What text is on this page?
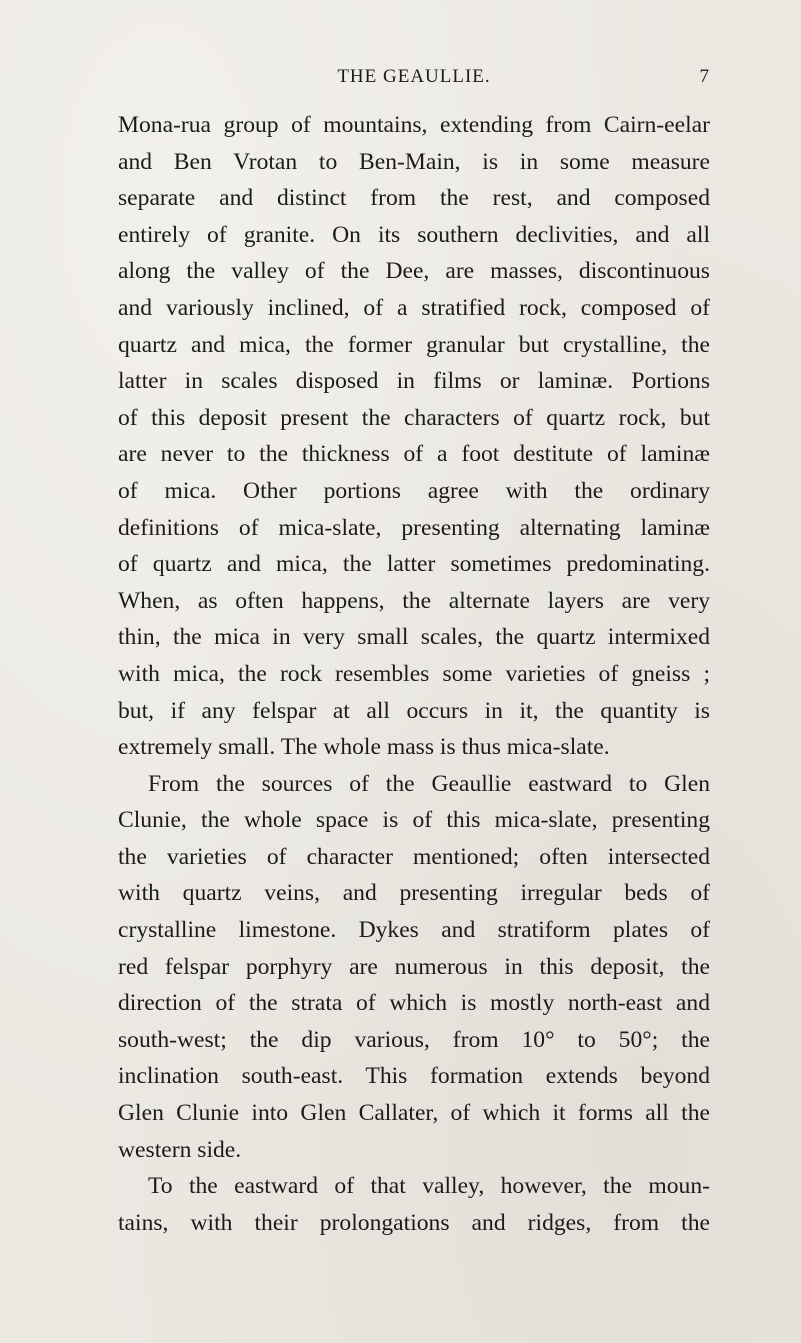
THE GEAULLIE.	7
Mona-rua group of mountains, extending from Cairn-eelar
and Ben Vrotan to Ben-Main, is in some measure
separate and distinct from the rest, and composed
entirely of granite. On its southern declivities, and all
along the valley of the Dee, are masses, discontinuous
and variously inclined, of a stratified rock, composed of
quartz and mica, the former granular but crystalline, the
latter in scales disposed in films or laminæ. Portions
of this deposit present the characters of quartz rock, but
are never to the thickness of a foot destitute of laminæ
of mica. Other portions agree with the ordinary
definitions of mica-slate, presenting alternating laminæ
of quartz and mica, the latter sometimes predominating.
When, as often happens, the alternate layers are very
thin, the mica in very small scales, the quartz intermixed
with mica, the rock resembles some varieties of gneiss ;
but, if any felspar at all occurs in it, the quantity is
extremely small. The whole mass is thus mica-slate.
From the sources of the Geaullie eastward to Glen
Clunie, the whole space is of this mica-slate, presenting
the varieties of character mentioned; often intersected
with quartz veins, and presenting irregular beds of
crystalline limestone. Dykes and stratiform plates of
red felspar porphyry are numerous in this deposit, the
direction of the strata of which is mostly north-east and
south-west; the dip various, from 10° to 50°; the
inclination south-east. This formation extends beyond
Glen Clunie into Glen Callater, of which it forms all the
western side.
To the eastward of that valley, however, the moun-
tains, with their prolongations and ridges, from the
